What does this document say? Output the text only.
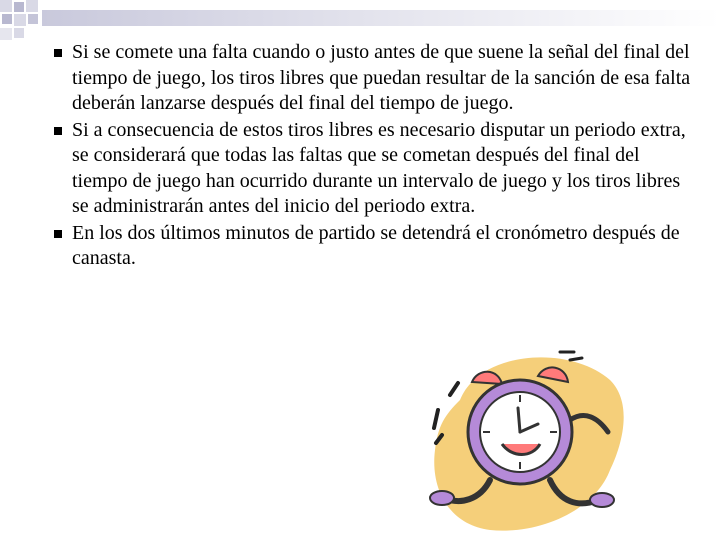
Si se comete una falta cuando o justo antes de que suene la señal del final del tiempo de juego, los tiros libres que puedan resultar de la sanción de esa falta deberán lanzarse después del final del tiempo de juego.
Si a consecuencia de estos tiros libres es necesario disputar un periodo extra, se considerará que todas las faltas que se cometan después del final del tiempo de juego han ocurrido durante un intervalo de juego y los tiros libres se administrarán antes del inicio del periodo extra.
En los dos últimos minutos de partido se detendrá el cronómetro después de canasta.
